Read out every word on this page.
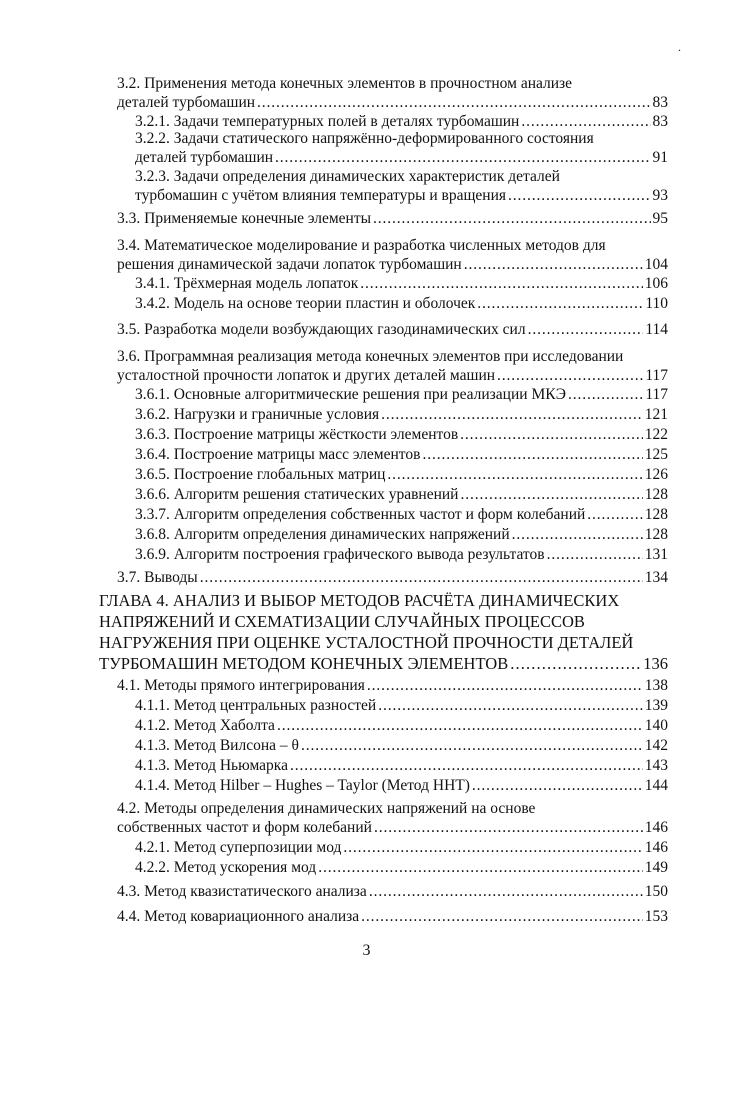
.
3.2. Применения метода конечных элементов в прочностном анализе
деталей турбомашин . . .	83
3.2.1. Задачи температурных полей в деталях турбомашин . . .	83
3.2.2. Задачи статического напряжённо-деформированного состояния
деталей турбомашин . . .	91
3.2.3. Задачи определения динамических характеристик деталей
турбомашин с учётом влияния температуры и вращения . . .	93
3.3. Применяемые конечные элементы . . .	95
3.4. Математическое моделирование и разработка численных методов для
решения динамической задачи лопаток турбомашин . . .	104
3.4.1. Трёхмерная модель лопаток . . .	106
3.4.2. Модель на основе теории пластин и оболочек . . .	110
3.5. Разработка модели возбуждающих газодинамических сил . . .	114
3.6. Программная реализация метода конечных элементов при исследовании
усталостной прочности лопаток и других деталей машин . . .	117
3.6.1. Основные алгоритмические решения при реализации МКЭ . . .	117
3.6.2. Нагрузки и граничные условия . . .	121
3.6.3. Построение матрицы жёсткости элементов . . .	122
3.6.4. Построение матрицы масс элементов . . .	125
3.6.5. Построение глобальных матриц . . .	126
3.6.6. Алгоритм решения статических уравнений . . .	128
3.3.7. Алгоритм определения собственных частот и форм колебаний . . .	128
3.6.8. Алгоритм определения динамических напряжений . . .	128
3.6.9. Алгоритм построения графического вывода результатов . . .	131
3.7. Выводы . . .	134
ГЛАВА 4. АНАЛИЗ И ВЫБОР МЕТОДОВ РАСЧЁТА ДИНАМИЧЕСКИХ
НАПРЯЖЕНИЙ И СХЕМАТИЗАЦИИ СЛУЧАЙНЫХ ПРОЦЕССОВ
НАГРУЖЕНИЯ ПРИ ОЦЕНКЕ УСТАЛОСТНОЙ ПРОЧНОСТИ ДЕТАЛЕЙ
ТУРБОМАШИН МЕТОДОМ КОНЕЧНЫХ ЭЛЕМЕНТОВ . . .	136
4.1. Методы прямого интегрирования . . .	138
4.1.1. Метод центральных разностей . . .	139
4.1.2. Метод Хаболта . . .	140
4.1.3. Метод Вилсона – θ . . .	142
4.1.3. Метод Ньюмарка . . .	143
4.1.4. Метод Hilber – Hughes – Taylor (Метод ННТ) . . .	144
4.2. Методы определения динамических напряжений на основе
собственных частот и форм колебаний . . .	146
4.2.1. Метод суперпозиции мод . . .	146
4.2.2. Метод ускорения мод . . .	149
4.3. Метод квазистатического анализа . . .	150
4.4. Метод ковариационного анализа . . .	153
3
